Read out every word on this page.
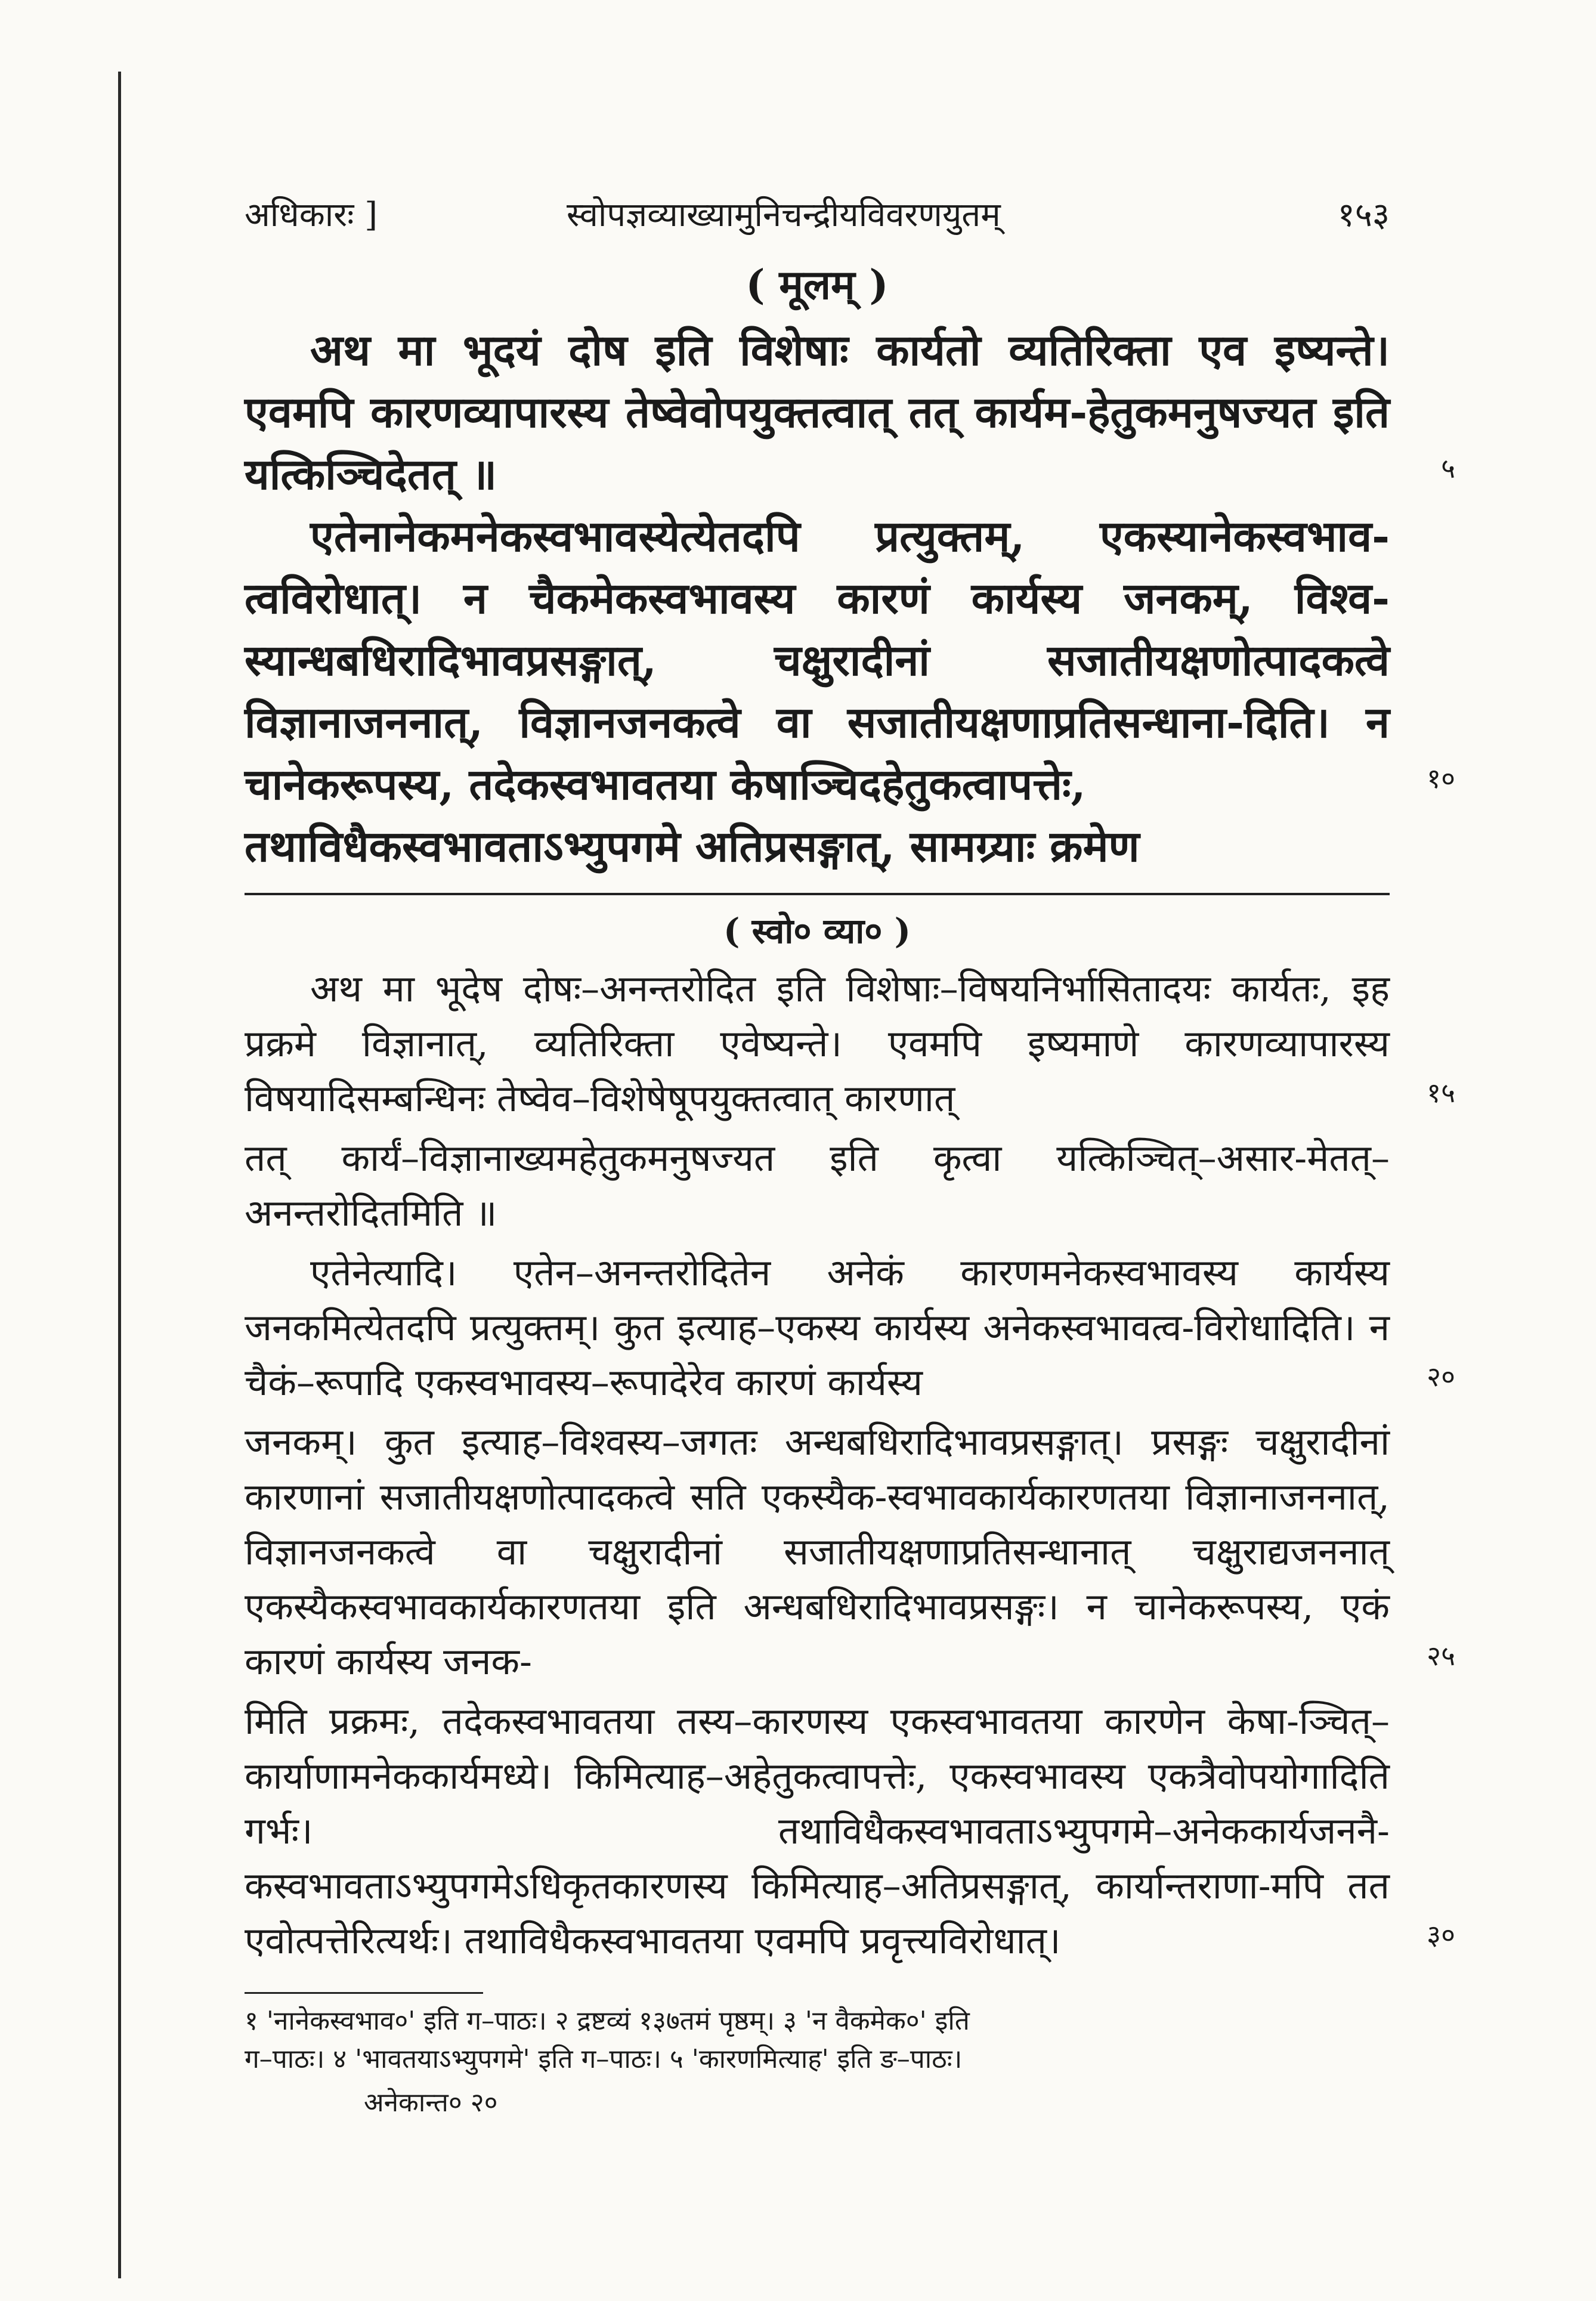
अधिकारः ]	स्वोपज्ञव्याख्यामुनिचन्द्रीयविवरणयुतम्	१५३
( मूलम् )

अथ मा भूदयं दोष इति विशेषाः कार्यतो व्यतिरिक्ता एव इष्यन्ते। एवमपि कारणव्यापारस्य तेष्वेवोपयुक्तत्वात् तत् कार्यम-हेतुकमनुषज्यत इति यत्किञ्चिदेतत् ॥	५

एतेनानेकमनेकस्वभावस्येत्येतदपि प्रत्युक्तम्, एकस्यानेकस्वभाव-त्वविरोधात्। न चैकमेकस्वभावस्य कारणं कार्यस्य जनकम्, विश्व-स्यान्धबधिरादिभावप्रसङ्गात्, चक्षुरादीनां सजातीयक्षणोत्पादकत्वे विज्ञानाजननात्, विज्ञानजनकत्वे वा सजातीयक्षणाप्रतिसन्धाना-दिति। न चानेकरूपस्य, तदेकस्वभावतया केषाञ्चिदहेतुकत्वापत्तेः,	१०

तथाविधैकस्वभावताऽभ्युपगमे अतिप्रसङ्गात्, सामग्र्याः क्रमेण

( स्वो० व्या० )

अथ मा भूदेष दोषः–अनन्तरोदित इति विशेषाः–विषयनिर्भासितादयः कार्यतः, इह प्रक्रमे विज्ञानात्, व्यतिरिक्ता एवेष्यन्ते। एवमपि इष्यमाणे कारणव्यापारस्य विषयादिसम्बन्धिनः तेष्वेव–विशेषेषूपयुक्तत्वात् कारणात्	१५

तत् कार्यं–विज्ञानाख्यमहेतुकमनुषज्यत इति कृत्वा यत्किञ्चित्–असार-मेतत्–अनन्तरोदितमिति ॥

एतेनेत्यादि। एतेन–अनन्तरोदितेन अनेकं कारणमनेकस्वभावस्य कार्यस्य जनकमित्येतदपि प्रत्युक्तम्। कुत इत्याह–एकस्य कार्यस्य अनेकस्वभावत्व-विरोधादिति। न चैकं–रूपादि एकस्वभावस्य–रूपादेरेव कारणं कार्यस्य	२०

जनकम्। कुत इत्याह–विश्वस्य–जगतः अन्धबधिरादिभावप्रसङ्गात्। प्रसङ्गः चक्षुरादीनां कारणानां सजातीयक्षणोत्पादकत्वे सति एकस्यैक-स्वभावकार्यकारणतया विज्ञानाजननात्, विज्ञानजनकत्वे वा चक्षुरादीनां सजातीयक्षणाप्रतिसन्धानात् चक्षुराद्यजननात् एकस्यैकस्वभावकार्यकारणतया इति अन्धबधिरादिभावप्रसङ्गः। न चानेकरूपस्य, एकं कारणं कार्यस्य जनक-	२५

मिति प्रक्रमः, तदेकस्वभावतया तस्य–कारणस्य एकस्वभावतया कारणेन केषा-ञ्चित्–कार्याणामनेककार्यमध्ये। किमित्याह–अहेतुकत्वापत्तेः, एकस्वभावस्य एकत्रैवोपयोगादिति गर्भः। तथाविधैकस्वभावताऽभ्युपगमे–अनेककार्यजननै-कस्वभावताऽभ्युपगमेऽधिकृतकारणस्य किमित्याह–अतिप्रसङ्गात्, कार्यान्तराणा-मपि तत एवोत्पत्तेरित्यर्थः। तथाविधैकस्वभावतया एवमपि प्रवृत्त्यविरोधात्।	३०

१ 'नानेकस्वभाव०' इति ग–पाठः। २ द्रष्टव्यं १३७तमं पृष्ठम्। ३ 'न वैकमेक०' इति

ग–पाठः। ४ 'भावतयाऽभ्युपगमे' इति ग–पाठः। ५ 'कारणमित्याह' इति ङ–पाठः।

अनेकान्त० २०
